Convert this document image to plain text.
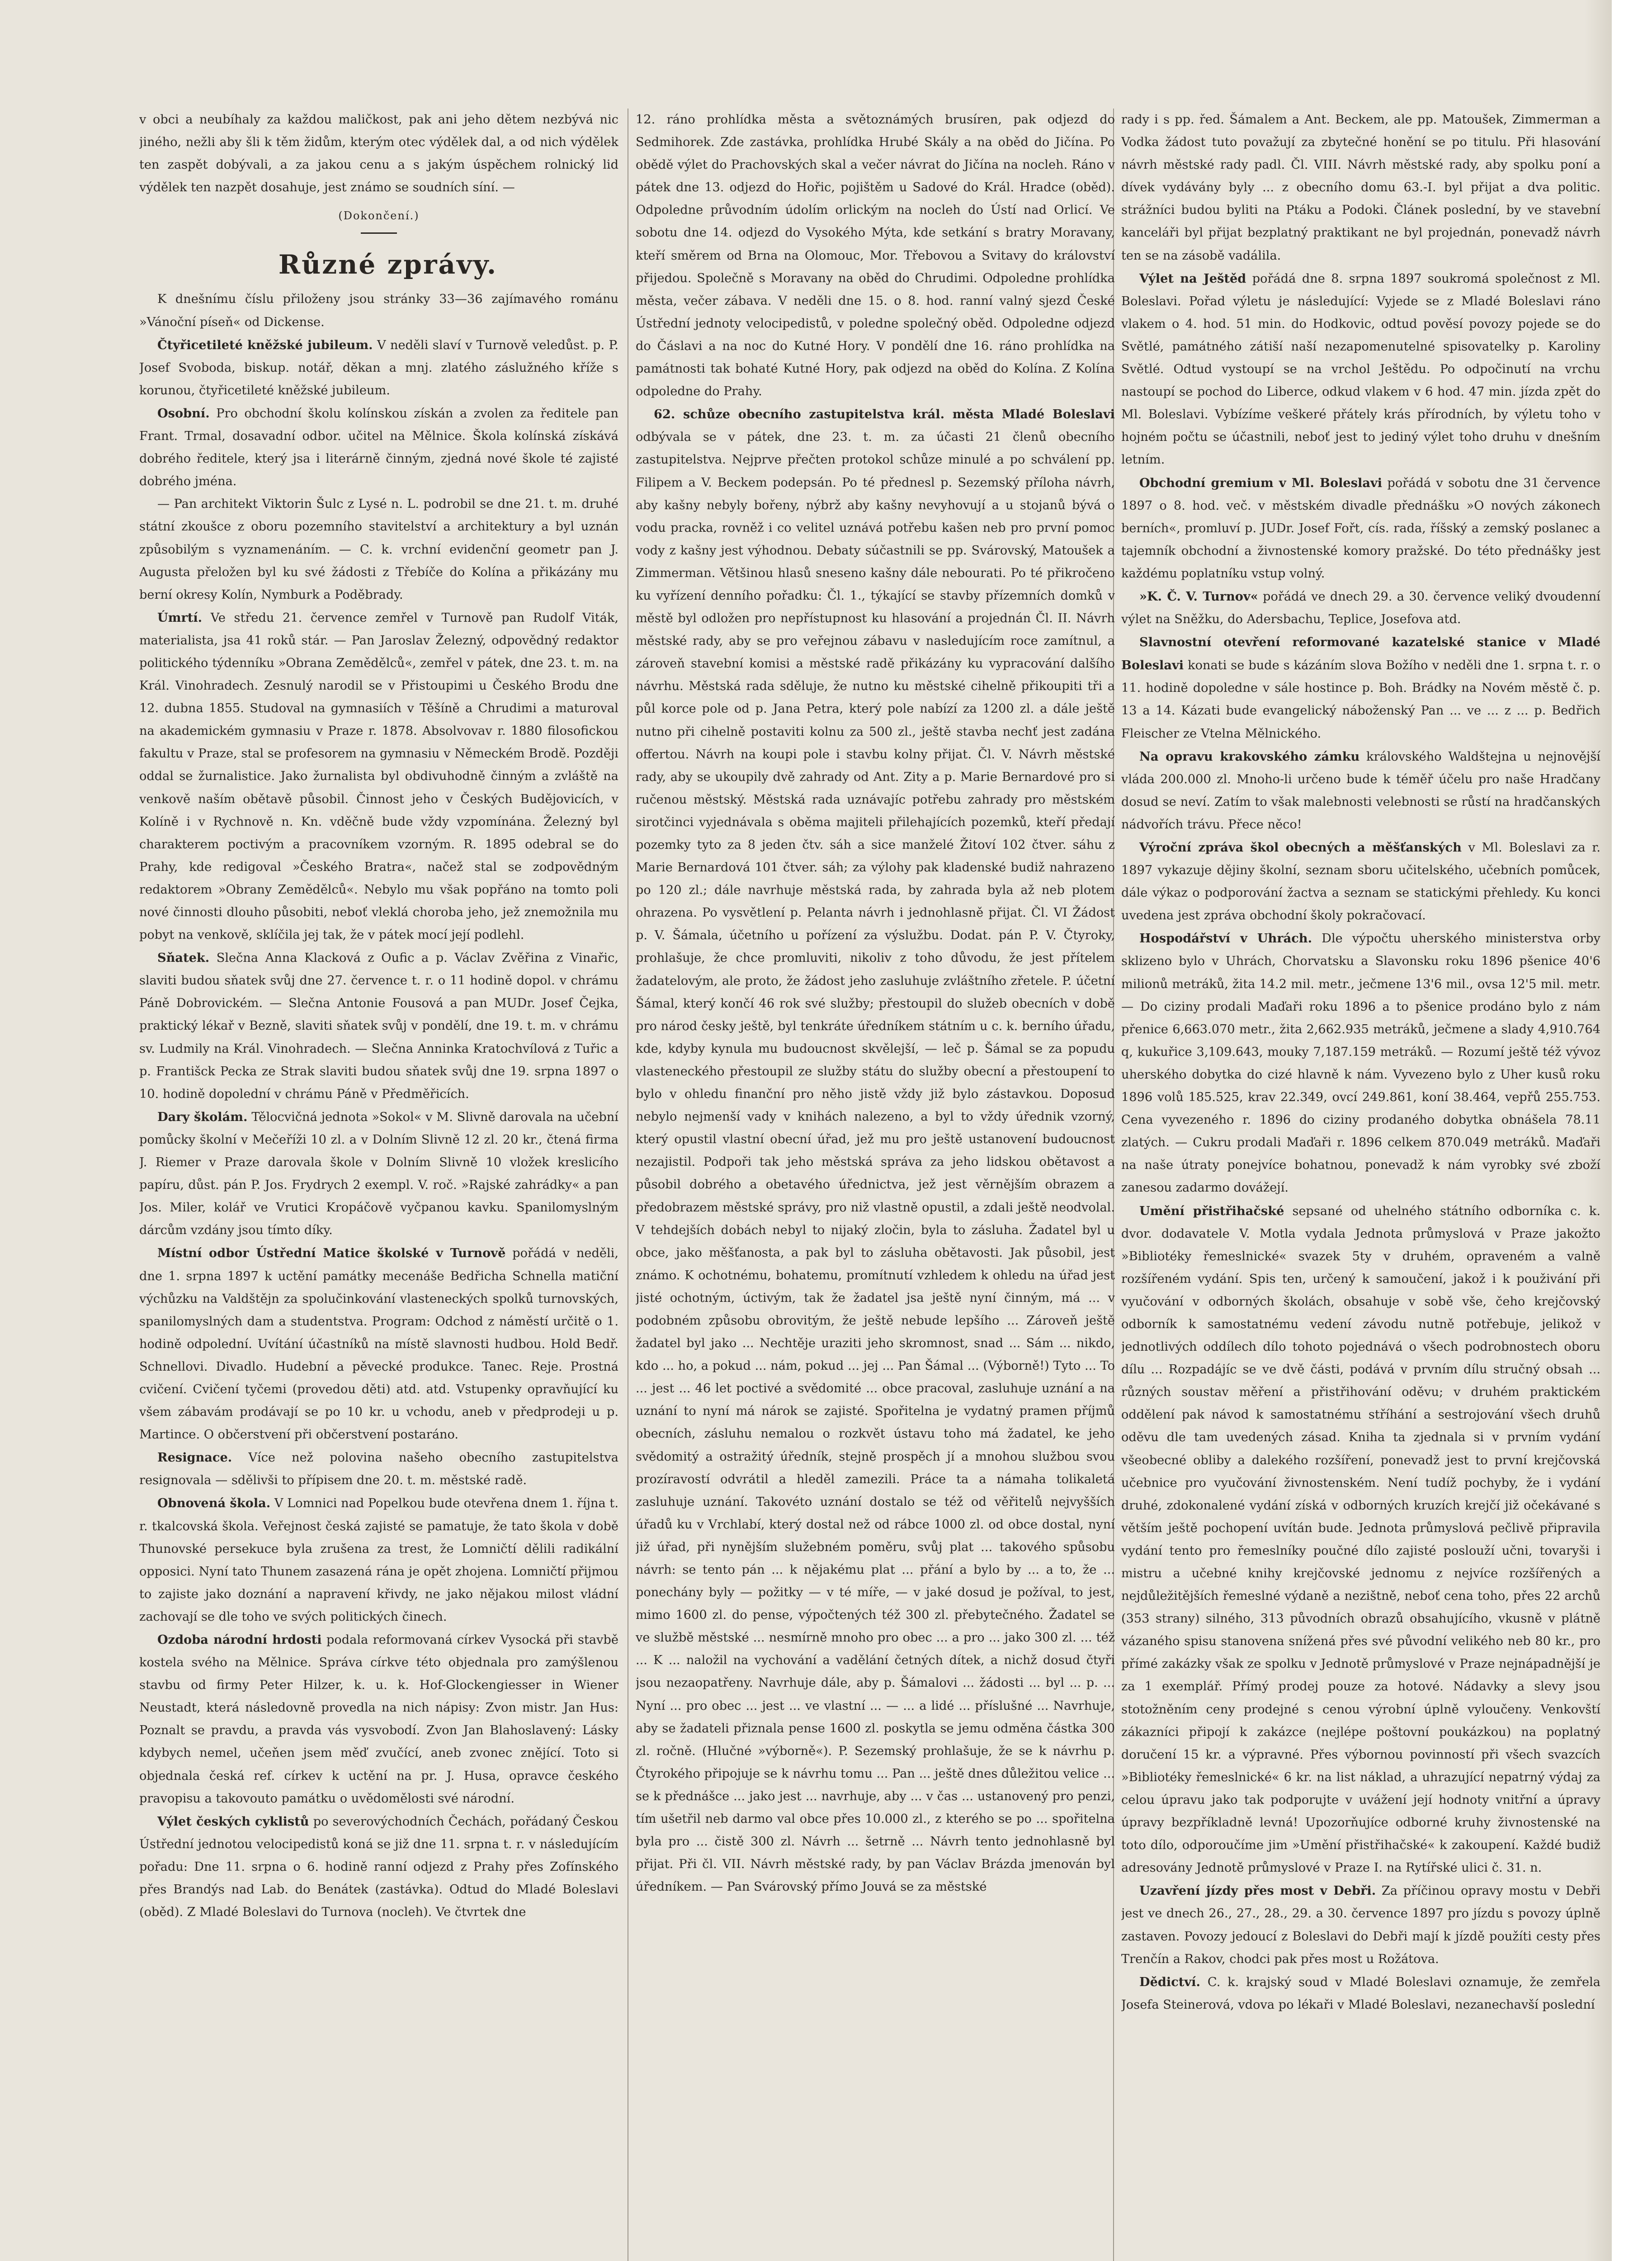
v obci a neubíhaly za každou maličkost, pak ani jeho dětem nezbývá nic jiného, nežli aby šli k těm židům, kterým otec výdělek dal, a od nich výdělek ten zaspět dobývali, a za jakou cenu a s jakým úspěchem rolnický lid výdělek ten nazpět dosahuje, jest známo se soudních síní. —

(Dokončení.)

Různé zprávy.

K dnešnímu číslu přiloženy jsou stránky 33—36 zajímavého románu »Vánoční píseň« od Dickense.

Čtyřicetileté kněžské jubileum. V neděli slaví v Turnově veledůst. p. P. Josef Svoboda, biskup. notář, děkan a mnj. zlatého záslužného kříže s korunou, čtyřicetileté kněžské jubileum.

Osobní. Pro obchodní školu kolínskou získán a zvolen za ředitele pan Frant. Trmal, dosavadní odbor. učitel na Mělnice. Škola kolínská získává dobrého ředitele, který jsa i literárně činným, zjedná nové škole té zajisté dobrého jména.

— Pan architekt Viktorin Šulc z Lysé n. L. podrobil se dne 21. t. m. druhé státní zkoušce z oboru pozemního stavitelství a architektury a byl uznán způsobilým s vyznamenáním. — C. k. vrchní evidenční geometr pan J. Augusta přeložen byl ku své žádosti z Třebíče do Kolína a přikázány mu berní okresy Kolín, Nymburk a Poděbrady.

Úmrtí. Ve středu 21. července zemřel v Turnově pan Rudolf Viták, materialista, jsa 41 roků stár. — Pan Jaroslav Železný, odpovědný redaktor politického týdenníku »Obrana Zemědělců«, zemřel v pátek, dne 23. t. m. na Král. Vinohradech. Zesnulý narodil se v Přistoupimi u Českého Brodu dne 12. dubna 1855. Studoval na gymnasiích v Těšíně a Chrudimi a maturoval na akademickém gymnasiu v Praze r. 1878. Absolvovav r. 1880 filosofickou fakultu v Praze, stal se profesorem na gymnasiu v Německém Brodě. Později oddal se žurnalistice. Jako žurnalista byl obdivuhodně činným a zvláště na venkově naším obětavě působil. Činnost jeho v Českých Budějovicích, v Kolíně i v Rychnově n. Kn. vděčně bude vždy vzpomínána. Železný byl charakterem poctivým a pracovníkem vzorným. R. 1895 odebral se do Prahy, kde redigoval »Českého Bratra«, načež stal se zodpovědným redaktorem »Obrany Zemědělců«. Nebylo mu však popřáno na tomto poli nové činnosti dlouho působiti, neboť vleklá choroba jeho, jež znemožnila mu pobyt na venkově, sklíčila jej tak, že v pátek mocí její podlehl.

Sňatek. Slečna Anna Klacková z Oufic a p. Václav Zvěřina z Vinařic, slaviti budou sňatek svůj dne 27. července t. r. o 11 hodině dopol. v chrámu Páně Dobrovickém. — Slečna Antonie Fousová a pan MUDr. Josef Čejka, praktický lékař v Bezně, slaviti sňatek svůj v pondělí, dne 19. t. m. v chrámu sv. Ludmily na Král. Vinohradech. — Slečna Anninka Kratochvílová z Tuřic a p. Františck Pecka ze Strak slaviti budou sňatek svůj dne 19. srpna 1897 o 10. hodině dopolední v chrámu Páně v Předměřicích.

Dary školám. Tělocvičná jednota »Sokol« v M. Slivně darovala na učební pomůcky školní v Mečeříži 10 zl. a v Dolním Slivně 12 zl. 20 kr., čtená firma J. Riemer v Praze darovala škole v Dolním Slivně 10 vložek kreslicího papíru, důst. pán P. Jos. Frydrych 2 exempl. V. roč. »Rajské zahrádky« a pan Jos. Miler, kolář ve Vrutici Kropáčově vyčpanou kavku. Spanilomyslným dárcům vzdány jsou tímto díky.

Místní odbor Ústřední Matice školské v Turnově pořádá v neděli, dne 1. srpna 1897 k uctění památky mecenáše Bedřicha Schnella matiční výchůzku na Valdštějn za spolučinkování vlasteneckých spolků turnovských, spanilomyslných dam a studentstva. Program: Odchod z náměstí určitě o 1. hodině odpolední. Uvítání účastníků na místě slavnosti hudbou. Hold Bedř. Schnellovi. Divadlo. Hudební a pěvecké produkce. Tanec. Reje. Prostná cvičení. Cvičení tyčemi (provedou děti) atd. atd. Vstupenky opravňující ku všem zábavám prodávají se po 10 kr. u vchodu, aneb v předprodeji u p. Martince. O občerstvení při občerstvení postaráno.

Resignace. Více než polovina našeho obecního zastupitelstva resignovala — sdělivši to přípisem dne 20. t. m. městské radě.

Obnovená škola. V Lomnici nad Popelkou bude otevřena dnem 1. října t. r. tkalcovská škola. Veřejnost česká zajisté se pamatuje, že tato škola v době Thunovské persekuce byla zrušena za trest, že Lomničtí dělili radikální opposici. Nyní tato Thunem zasazená rána je opět zhojena. Lomničtí přijmou to zajiste jako doznání a napravení křivdy, ne jako nějakou milost vládní zachovají se dle toho ve svých politických činech.

Ozdoba národní hrdosti podala reformovaná církev Vysocká při stavbě kostela svého na Mělnice. Správa církve této objednala pro zamýšlenou stavbu od firmy Peter Hilzer, k. u. k. Hof-Glockengiesser in Wiener Neustadt, která následovně provedla na nich nápisy: Zvon mistr. Jan Hus: Poznalt se pravdu, a pravda vás vysvobodí. Zvon Jan Blahoslavený: Lásky kdybych nemel, učeňen jsem měď zvučící, aneb zvonec znějící. Toto si objednala česká ref. církev k uctění na pr. J. Husa, opravce českého pravopisu a takovouto památku o uvědomělosti své národní.

Výlet českých cyklistů po severovýchodních Čechách, pořádaný Českou Ústřední jednotou velocipedistů koná se již dne 11. srpna t. r. v následujícím pořadu: Dne 11. srpna o 6. hodině ranní odjezd z Prahy přes Zofínského přes Brandýs nad Lab. do Benátek (zastávka). Odtud do Mladé Boleslavi (oběd). Z Mladé Boleslavi do Turnova (nocleh). Ve čtvrtek dne

12. ráno prohlídka města a světoznámých brusíren, pak odjezd do Sedmihorek. Zde zastávka, prohlídka Hrubé Skály a na oběd do Jičína. Po obědě výlet do Prachovských skal a večer návrat do Jičína na nocleh. Ráno v pátek dne 13. odjezd do Hořic, pojištěm u Sadové do Král. Hradce (oběd). Odpoledne průvodním údolím orlickým na nocleh do Ústí nad Orlicí. Ve sobotu dne 14. odjezd do Vysokého Mýta, kde setkání s bratry Moravany, kteří směrem od Brna na Olomouc, Mor. Třebovou a Svitavy do království přijedou. Společně s Moravany na oběd do Chrudimi. Odpoledne prohlídka města, večer zábava. V neděli dne 15. o 8. hod. ranní valný sjezd České Ústřední jednoty velocipedistů, v poledne společný oběd. Odpoledne odjezd do Čáslavi a na noc do Kutné Hory. V pondělí dne 16. ráno prohlídka na památnosti tak bohaté Kutné Hory, pak odjezd na oběd do Kolína. Z Kolína odpoledne do Prahy.

62. schůze obecního zastupitelstva král. města Mladé Boleslavi odbývala se v pátek, dne 23. t. m. za účasti 21 členů obecního zastupitelstva. Nejprve přečten protokol schůze minulé a po schválení pp. Filipem a V. Beckem podepsán. Po té přednesl p. Sezemský příloha návrh, aby kašny nebyly bořeny, nýbrž aby kašny nevyhovují a u stojanů bývá o vodu pracka, rovněž i co velitel uznává potřebu kašen neb pro první pomoc vody z kašny jest výhodnou. Debaty súčastnili se pp. Svárovský, Matoušek a Zimmerman. Většinou hlasů sneseno kašny dále nebourati. Po té přikročeno ku vyřízení denního pořadku: Čl. 1., týkající se stavby přízemních domků v městě byl odložen pro nepřístupnost ku hlasování a projednán Čl. II. Návrh městské rady, aby se pro veřejnou zábavu v nasledujícím roce zamítnul, a zároveň stavební komisi a městské radě přikázány ku vypracování dalšího návrhu. Městská rada sděluje, že nutno ku městské cihelně přikoupiti tři a půl korce pole od p. Jana Petra, který pole nabízí za 1200 zl. a dále ještě nutno při cihelně postaviti kolnu za 500 zl., ještě stavba nechť jest zadána offertou. Návrh na koupi pole i stavbu kolny přijat. Čl. V. Návrh městské rady, aby se ukoupily dvě zahrady od Ant. Zity a p. Marie Bernardové pro si ručenou městský. Městská rada uznávajíc potřebu zahrady pro městském sirotčinci vyjednávala s oběma majiteli přilehajících pozemků, kteří předají pozemky tyto za 8 jeden čtv. sáh a sice manželé Žitoví 102 čtver. sáhu z Marie Bernardová 101 čtver. sáh; za výlohy pak kladenské budiž nahrazeno po 120 zl.; dále navrhuje městská rada, by zahrada byla až neb plotem ohrazena. Po vysvětlení p. Pelanta návrh i jednohlasně přijat. Čl. VI Žádost p. V. Šámala, účetního u pořízení za výslužbu. Dodat. pán P. V. Čtyroky, prohlašuje, že chce promluviti, nikoliv z toho důvodu, že jest přítelem žadatelovým, ale proto, že žádost jeho zasluhuje zvláštního zřetele. P. účetní Šámal, který končí 46 rok své služby; přestoupil do služeb obecních v době pro národ česky ještě, byl tenkráte úředníkem státním u c. k. berního úřadu, kde, kdyby kynula mu budoucnost skvělejší, — leč p. Šámal se za popudu vlasteneckého přestoupil ze služby státu do služby obecní a přestoupení to bylo v ohledu finanční pro něho jistě vždy již bylo zástavkou. Doposud nebylo nejmenší vady v knihách nalezeno, a byl to vždy úřednik vzorný, který opustil vlastní obecní úřad, jež mu pro ještě ustanovení budoucnost nezajistil. Podpoři tak jeho městská správa za jeho lidskou obětavost a působil dobrého a obetavého úřednictva, jež jest věrnějším obrazem a předobrazem městské správy, pro niž vlastně opustil, a zdali ještě neodvolal. V tehdejších dobách nebyl to nijaký zločin, byla to zásluha. Žadatel byl u obce, jako měšťanosta, a pak byl to zásluha obětavosti. Jak působil, jest známo. K ochotnému, bohatemu, promítnutí vzhledem k ohledu na úřad jest jisté ochotným, úctivým, tak že žadatel jsa ještě nyní činným, má ... v podobném způsobu obrovitým, že ještě nebude lepšího ... Zároveň ještě žadatel byl jako ... Nechtěje uraziti jeho skromnost, snad ... Sám ... nikdo, kdo ... ho, a pokud ... nám, pokud ... jej ... Pan Šámal ... (Výborně!) Tyto ... To ... jest ... 46 let poctivé a svědomité ... obce pracoval, zasluhuje uznání a na uznání to nyní má nárok se zajisté. Spořitelna je vydatný pramen příjmů obecních, zásluhu nemalou o rozkvět ústavu toho má žadatel, ke jeho svědomitý a ostražitý úředník, stejně prospěch jí a mnohou službou svou prozíravostí odvrátil a hleděl zamezili. Práce ta a námaha tolikaletá zasluhuje uznání. Takovéto uznání dostalo se též od věřitelů nejvyšších úřadů ku v Vrchlabí, který dostal než od rábce 1000 zl. od obce dostal, nyní již úřad, při nynějším služebném poměru, svůj plat ... takového spůsobu návrh: se tento pán ... k nějakému plat ... přání a bylo by ... a to, že ... ponechány byly — požitky — v té míře, — v jaké dosud je požíval, to jest, mimo 1600 zl. do pense, výpočtených též 300 zl. přebytečného. Žadatel se ve službě městské ... nesmírně mnoho pro obec ... a pro ... jako 300 zl. ... též ... K ... naložil na vychování a vadělání četných dítek, a nichž dosud čtyři jsou nezaopatřeny. Navrhuje dále, aby p. Šámalovi ... žádosti ... byl ... p. ... Nyní ... pro obec ... jest ... ve vlastní ... — ... a lidé ... příslušné ... Navrhuje, aby se žadateli přiznala pense 1600 zl. poskytla se jemu odměna částka 300 zl. ročně. (Hlučné »výborně«). P. Sezemský prohlašuje, že se k návrhu p. Čtyrokého připojuje se k návrhu tomu ... Pan ... ještě dnes důležitou velice ... se k přednášce ... jako jest ... navrhuje, aby ... v čas ... ustanovený pro penzi, tím ušetřil neb darmo val obce přes 10.000 zl., z kterého se po ... spořitelna byla pro ... čistě 300 zl. Návrh ... šetrně ... Návrh tento jednohlasně byl přijat. Při čl. VII. Návrh městské rady, by pan Václav Brázda jmenován byl úředníkem. — Pan Svárovský přímo Jouvá se za městské

rady i s pp. řed. Šámalem a Ant. Beckem, ale pp. Matoušek, Zimmerman a Vodka žádost tuto považují za zbytečné honění se po titulu. Při hlasování návrh městské rady padl. Čl. VIII. Návrh městské rady, aby spolku poní a dívek vydávány byly ... z obecního domu 63.-I. byl přijat a dva politic. strážníci budou byliti na Ptáku a Podoki. Článek poslední, by ve stavební kanceláři byl přijat bezplatný praktikant ne byl projednán, ponevadž návrh ten se na zásobě vadálila.

Výlet na Ještěd pořádá dne 8. srpna 1897 soukromá společnost z Ml. Boleslavi. Pořad výletu je následující: Vyjede se z Mladé Boleslavi ráno vlakem o 4. hod. 51 min. do Hodkovic, odtud pověsí povozy pojede se do Světlé, památného zátiší naší nezapomenutelné spisovatelky p. Karoliny Světlé. Odtud vystoupí se na vrchol Ještědu. Po odpočinutí na vrchu nastoupí se pochod do Liberce, odkud vlakem v 6 hod. 47 min. jízda zpět do Ml. Boleslavi. Vybízíme veškeré přátely krás přírodních, by výletu toho v hojném počtu se účastnili, neboť jest to jediný výlet toho druhu v dnešním letním.

Obchodní gremium v Ml. Boleslavi pořádá v sobotu dne 31 července 1897 o 8. hod. več. v městském divadle přednášku »O nových zákonech berních«, promluví p. JUDr. Josef Fořt, cís. rada, říšský a zemský poslanec a tajemník obchodní a živnostenské komory pražské. Do této přednášky jest každému poplatníku vstup volný.

»K. Č. V. Turnov« pořádá ve dnech 29. a 30. července veliký dvoudenní výlet na Sněžku, do Adersbachu, Teplice, Josefova atd.

Slavnostní otevření reformované kazatelské stanice v Mladé Boleslavi konati se bude s kázáním slova Božího v neděli dne 1. srpna t. r. o 11. hodině dopoledne v sále hostince p. Boh. Brádky na Novém městě č. p. 13 a 14. Kázati bude evangelický náboženský Pan ... ve ... z ... p. Bedřich Fleischer ze Vtelna Mělnického.

Na opravu krakovského zámku královského Waldštejna u nejnovější vláda 200.000 zl. Mnoho-li určeno bude k téměř účelu pro naše Hradčany dosud se neví. Zatím to však malebnosti velebnosti se růstí na hradčanských nádvořích trávu. Přece něco!

Výroční zpráva škol obecných a měšťanských v Ml. Boleslavi za r. 1897 vykazuje dějiny školní, seznam sboru učitelského, učebních pomůcek, dále výkaz o podporování žactva a seznam se statickými přehledy. Ku konci uvedena jest zpráva obchodní školy pokračovací.

Hospodářství v Uhrách. Dle výpočtu uherského ministerstva orby sklizeno bylo v Uhrách, Chorvatsku a Slavonsku roku 1896 pšenice 40'6 milionů metráků, žita 14.2 mil. metr., ječmene 13'6 mil., ovsa 12'5 mil. metr. — Do ciziny prodali Maďaři roku 1896 a to pšenice prodáno bylo z nám přenice 6,663.070 metr., žita 2,662.935 metráků, ječmene a slady 4,910.764 q, kukuřice 3,109.643, mouky 7,187.159 metráků. — Rozumí ještě též vývoz uherského dobytka do cizé hlavně k nám. Vyvezeno bylo z Uher kusů roku 1896 volů 185.525, krav 22.349, ovcí 249.861, koní 38.464, vepřů 255.753. Cena vyvezeného r. 1896 do ciziny prodaného dobytka obnášela 78.11 zlatých. — Cukru prodali Maďaři r. 1896 celkem 870.049 metráků. Maďaři na naše útraty ponejvíce bohatnou, ponevadž k nám vyrobky své zboží zanesou zadarmo dovážejí.

Umění přistřihačské sepsané od uhelného státního odborníka c. k. dvor. dodavatele V. Motla vydala Jednota průmyslová v Praze jakožto »Bibliotéky řemeslnické« svazek 5ty v druhém, opraveném a valně rozšířeném vydání. Spis ten, určený k samoučení, jakož i k použivání při vyučování v odborných školách, obsahuje v sobě vše, čeho krejčovský odborník k samostatnému vedení závodu nutně potřebuje, jelikož v jednotlivých oddílech dílo tohoto pojednává o všech podrobnostech oboru dílu ... Rozpadájíc se ve dvě části, podává v prvním dílu stručný obsah ... různých soustav měření a přistřihování oděvu; v druhém praktickém oddělení pak návod k samostatnému stříhání a sestrojování všech druhů oděvu dle tam uvedených zásad. Kniha ta zjednala si v prvním vydání všeobecné obliby a dalekého rozšíření, ponevadž jest to první krejčovská učebnice pro vyučování živnostenském. Není tudíž pochyby, že i vydání druhé, zdokonalené vydání získá v odborných kruzích krejčí již očekávané s větším ještě pochopení uvítán bude. Jednota průmyslová pečlivě připravila vydání tento pro řemeslníky poučné dílo zajisté poslouží učni, tovaryši i mistru a učebné knihy krejčovské jednomu z nejvíce rozšířených a nejdůležitějších řemeslné výdaně a nezištně, neboť cena toho, přes 22 archů (353 strany) silného, 313 původních obrazů obsahujícího, vkusně v plátně vázaného spisu stanovena snížená přes své původní velikého neb 80 kr., pro přímé zakázky však ze spolku v Jednotě průmyslové v Praze nejnápadnější je za 1 exemplář. Přímý prodej pouze za hotové. Nádavky a slevy jsou stotožněním ceny prodejné s cenou výrobní úplně vyloučeny. Venkovští zákazníci připojí k zakázce (nejlépe poštovní poukázkou) na poplatný doručení 15 kr. a výpravné. Přes výbornou povinností při všech svazcích »Bibliotéky řemeslnické« 6 kr. na list náklad, a uhrazující nepatrný výdaj za celou úpravu jako tak podporujte v uvážení její hodnoty vnitřní a úpravy úpravy bezpříkladně levná! Upozorňujíce odborné kruhy živnostenské na toto dílo, odporoučíme jim »Umění přistřihačské« k zakoupení. Každé budiž adresovány Jednotě průmyslové v Praze I. na Rytířské ulici č. 31. n.

Uzavření jízdy přes most v Debři. Za příčinou opravy mostu v Debři jest ve dnech 26., 27., 28., 29. a 30. července 1897 pro jízdu s povozy úplně zastaven. Povozy jedoucí z Boleslavi do Debři mají k jízdě použíti cesty přes Trenčín a Rakov, chodci pak přes most u Rožátova.

Dědictví. C. k. krajský soud v Mladé Boleslavi oznamuje, že zemřela Josefa Steinerová, vdova po lékaři v Mladé Boleslavi, nezanechavší poslední
